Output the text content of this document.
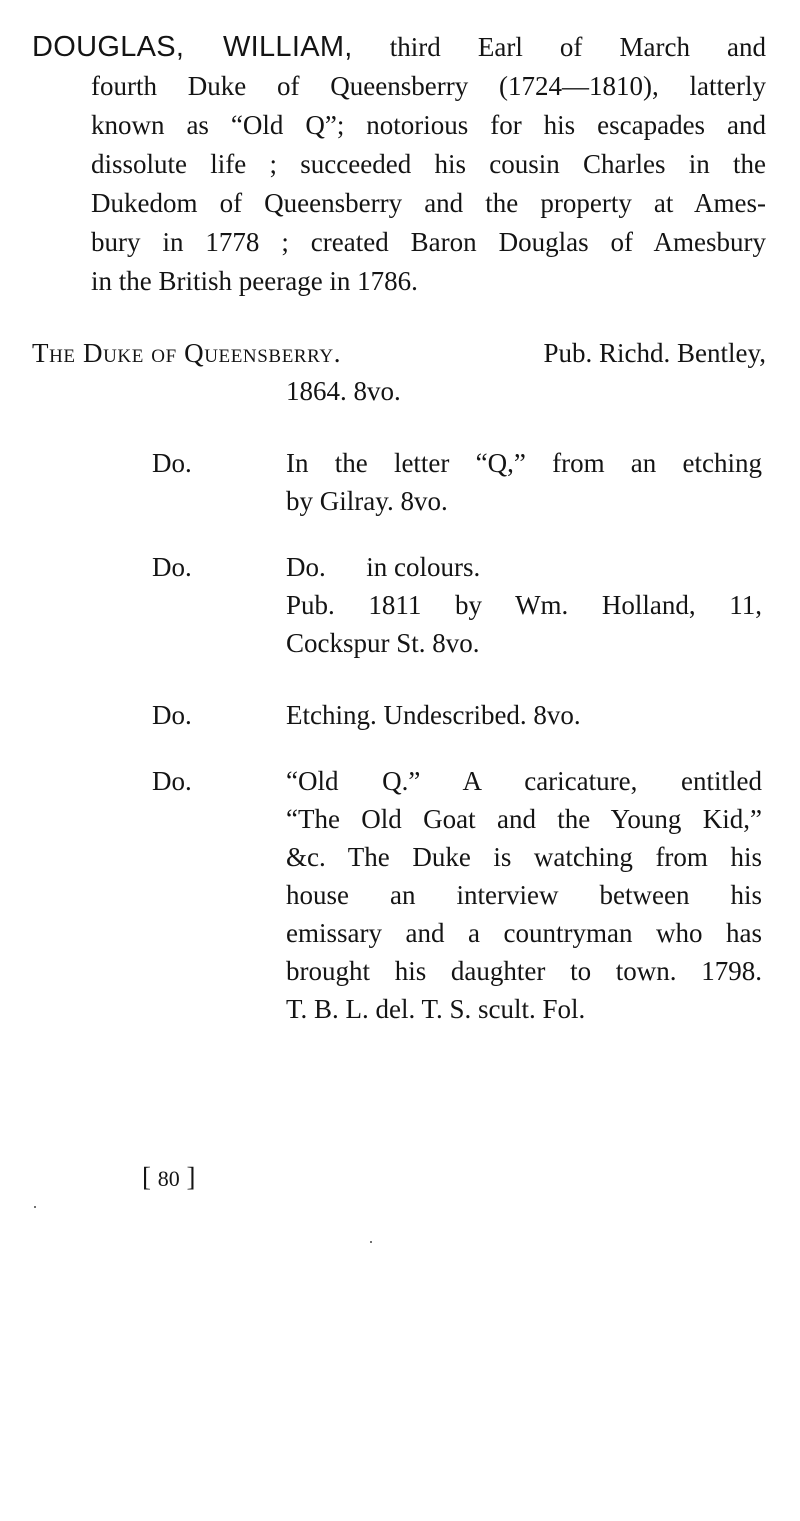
DOUGLAS, WILLIAM, third Earl of March and
fourth Duke of Queensberry (1724—1810), latterly
known as “Old Q”; notorious for his escapades and
dissolute life ; succeeded his cousin Charles in the
Dukedom of Queensberry and the property at Ames-
bury in 1778 ; created Baron Douglas of Amesbury
in the British peerage in 1786.
The Duke of Queensberry.	Pub. Richd. Bentley,
1864. 8vo.
Do.	In the letter “Q,” from an etching
by Gilray. 8vo.
Do.	Do.      in colours.
Pub. 1811 by Wm. Holland, 11,
Cockspur St. 8vo.
Do.	Etching. Undescribed. 8vo.
Do.	“Old Q.” A caricature, entitled
“The Old Goat and the Young Kid,”
&c. The Duke is watching from his
house an interview between his
emissary and a countryman who has
brought his daughter to town. 1798.
T. B. L. del. T. S. scult. Fol.
[ 80 ]
